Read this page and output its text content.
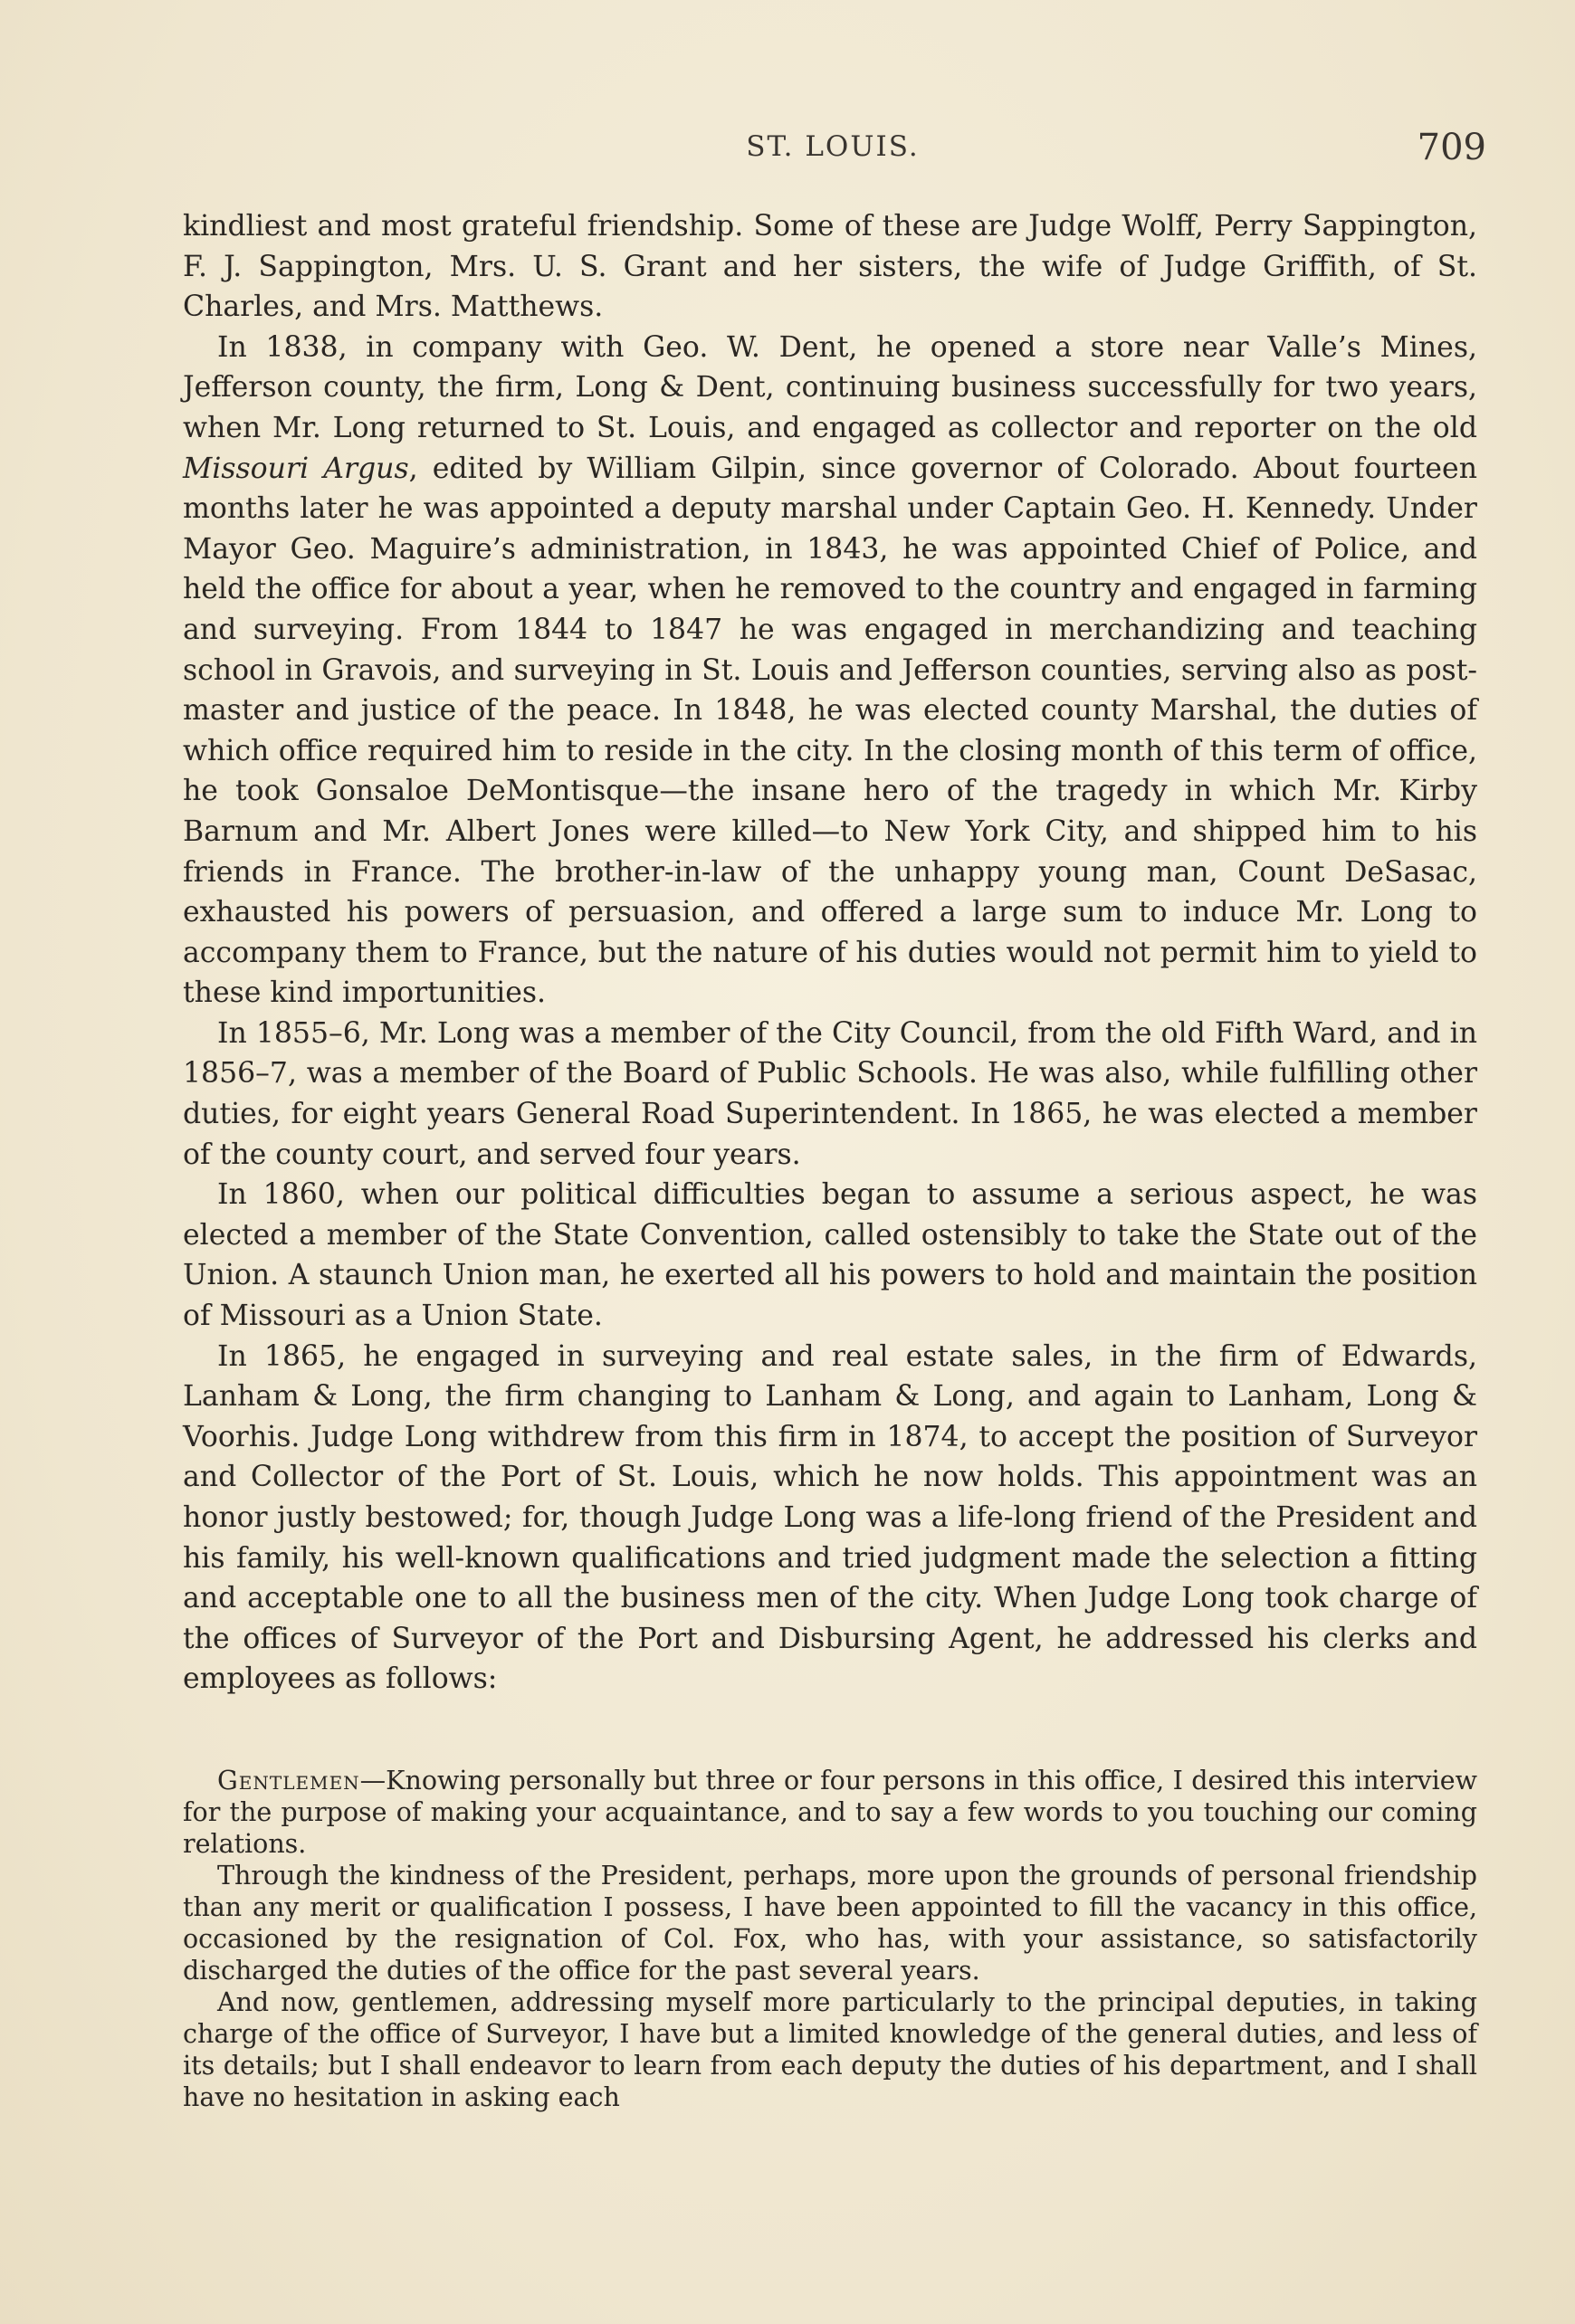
ST. LOUIS.	709

kindliest and most grateful friendship. Some of these are Judge Wolff, Perry Sappington, F. J. Sappington, Mrs. U. S. Grant and her sisters, the wife of Judge Griffith, of St. Charles, and Mrs. Matthews.

In 1838, in company with Geo. W. Dent, he opened a store near Valle’s Mines, Jefferson county, the firm, Long & Dent, continuing business successfully for two years, when Mr. Long returned to St. Louis, and engaged as collector and reporter on the old Missouri Argus, edited by William Gilpin, since governor of Colorado. About fourteen months later he was appointed a deputy marshal under Captain Geo. H. Kennedy. Under Mayor Geo. Maguire’s administration, in 1843, he was appointed Chief of Police, and held the office for about a year, when he removed to the country and engaged in farming and surveying. From 1844 to 1847 he was engaged in merchandizing and teaching school in Gravois, and surveying in St. Louis and Jefferson counties, serving also as post-master and justice of the peace. In 1848, he was elected county Marshal, the duties of which office required him to reside in the city. In the closing month of this term of office, he took Gonsaloe DeMontisque—the insane hero of the tragedy in which Mr. Kirby Barnum and Mr. Albert Jones were killed—to New York City, and shipped him to his friends in France. The brother-in-law of the unhappy young man, Count DeSasac, exhausted his powers of persuasion, and offered a large sum to induce Mr. Long to accompany them to France, but the nature of his duties would not permit him to yield to these kind importunities.

In 1855–6, Mr. Long was a member of the City Council, from the old Fifth Ward, and in 1856–7, was a member of the Board of Public Schools. He was also, while fulfilling other duties, for eight years General Road Superintendent. In 1865, he was elected a member of the county court, and served four years.

In 1860, when our political difficulties began to assume a serious aspect, he was elected a member of the State Convention, called ostensibly to take the State out of the Union. A staunch Union man, he exerted all his powers to hold and maintain the position of Missouri as a Union State.

In 1865, he engaged in surveying and real estate sales, in the firm of Edwards, Lanham & Long, the firm changing to Lanham & Long, and again to Lanham, Long & Voorhis. Judge Long withdrew from this firm in 1874, to accept the position of Surveyor and Collector of the Port of St. Louis, which he now holds. This appointment was an honor justly bestowed; for, though Judge Long was a life-long friend of the President and his family, his well-known qualifications and tried judgment made the selection a fitting and acceptable one to all the business men of the city. When Judge Long took charge of the offices of Surveyor of the Port and Disbursing Agent, he addressed his clerks and employees as follows:

Gentlemen—Knowing personally but three or four persons in this office, I desired this interview for the purpose of making your acquaintance, and to say a few words to you touching our coming relations.

Through the kindness of the President, perhaps, more upon the grounds of personal friendship than any merit or qualification I possess, I have been appointed to fill the vacancy in this office, occasioned by the resignation of Col. Fox, who has, with your assistance, so satisfactorily discharged the duties of the office for the past several years.

And now, gentlemen, addressing myself more particularly to the principal deputies, in taking charge of the office of Surveyor, I have but a limited knowledge of the general duties, and less of its details; but I shall endeavor to learn from each deputy the duties of his department, and I shall have no hesitation in asking each
